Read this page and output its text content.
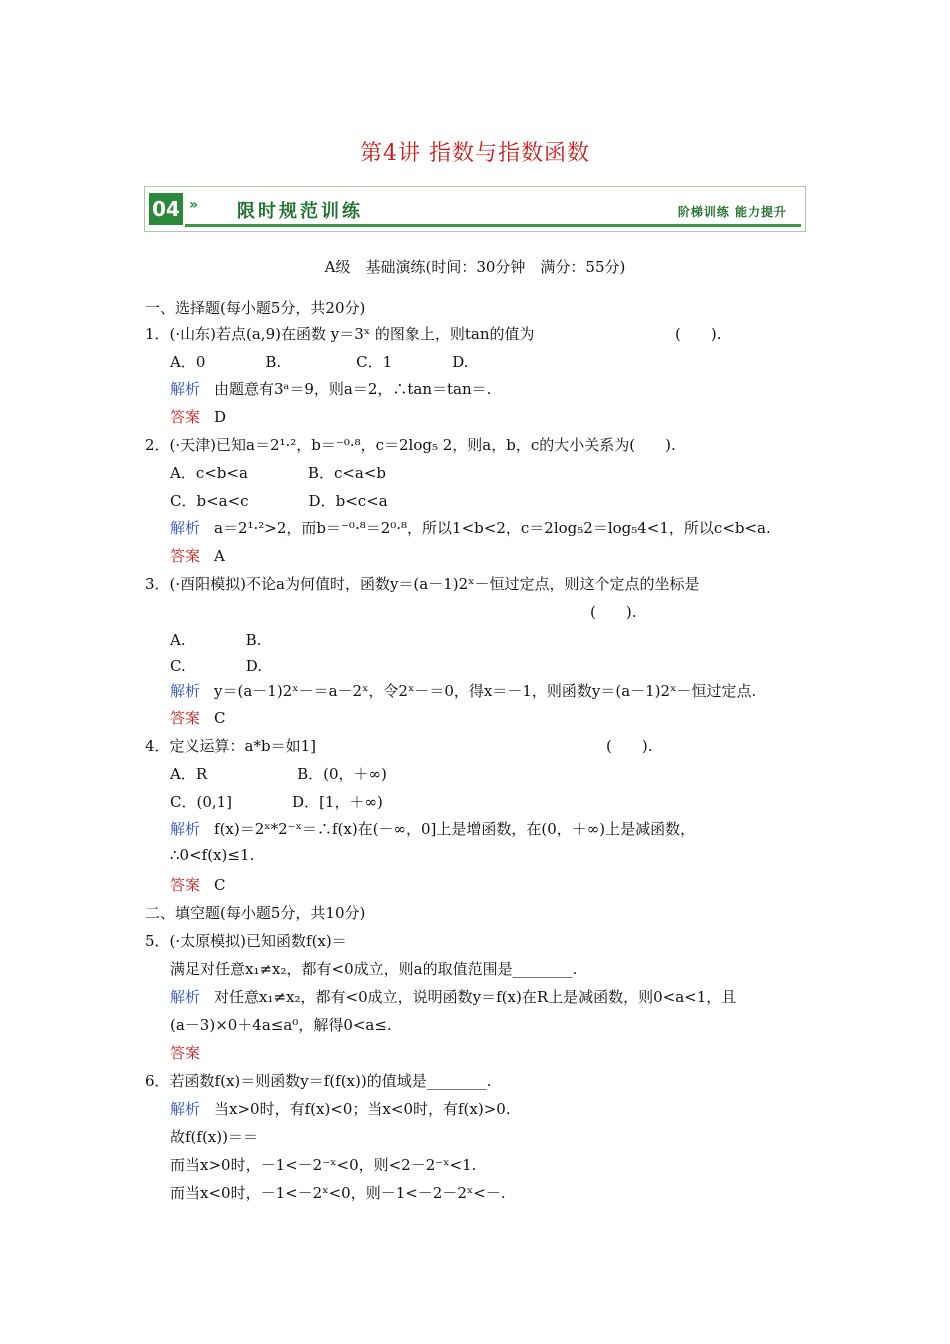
第4讲 指数与指数函数
04 » 限时规范训练	阶梯训练 能力提升
A级　基础演练(时间：30分钟　满分：55分)
一、选择题(每小题5分，共20分)
1．(·山东)若点(a,9)在函数 y＝3ˣ 的图象上，则tan的值为	(　　).
A．0　　　　B.　　　　　C．1　　　　D.
解析 由题意有3ᵃ＝9，则a＝2，∴tan＝tan＝.
答案 D
2．(·天津)已知a＝2¹·²，b＝⁻⁰·⁸，c＝2log₅ 2，则a，b，c的大小关系为(　　).
A．c<b<a　　　　B．c<a<b
C．b<a<c　　　　D．b<c<a
解析 a＝2¹·²>2，而b＝⁻⁰·⁸＝2⁰·⁸，所以1<b<2，c＝2log₅2＝log₅4<1，所以c<b<a.
答案 A
3．(·酉阳模拟)不论a为何值时，函数y＝(a－1)2ˣ－恒过定点，则这个定点的坐标是
(　　).
A.　　　　B.
C.　　　　D.
解析 y＝(a－1)2ˣ－＝a－2ˣ，令2ˣ－＝0，得x＝－1，则函数y＝(a－1)2ˣ－恒过定点.
答案 C
4．定义运算：a*b＝如1]	(　　).
A．R　　　　　　B．(0，＋∞)
C．(0,1]　　　　D．[1，＋∞)
解析 f(x)＝2ˣ*2⁻ˣ＝∴f(x)在(－∞，0]上是增函数，在(0，＋∞)上是减函数，
∴0<f(x)≤1.
答案 C
二、填空题(每小题5分，共10分)
5．(·太原模拟)已知函数f(x)＝
满足对任意x₁≠x₂，都有<0成立，则a的取值范围是________.
解析 对任意x₁≠x₂，都有<0成立，说明函数y＝f(x)在R上是减函数，则0<a<1，且
(a－3)×0＋4a≤a⁰，解得0<a≤.
答案
6．若函数f(x)＝则函数y＝f(f(x))的值域是________.
解析 当x>0时，有f(x)<0；当x<0时，有f(x)>0.
故f(f(x))＝＝
而当x>0时，－1<－2⁻ˣ<0，则<2－2⁻ˣ<1.
而当x<0时，－1<－2ˣ<0，则－1<－2－2ˣ<－.
